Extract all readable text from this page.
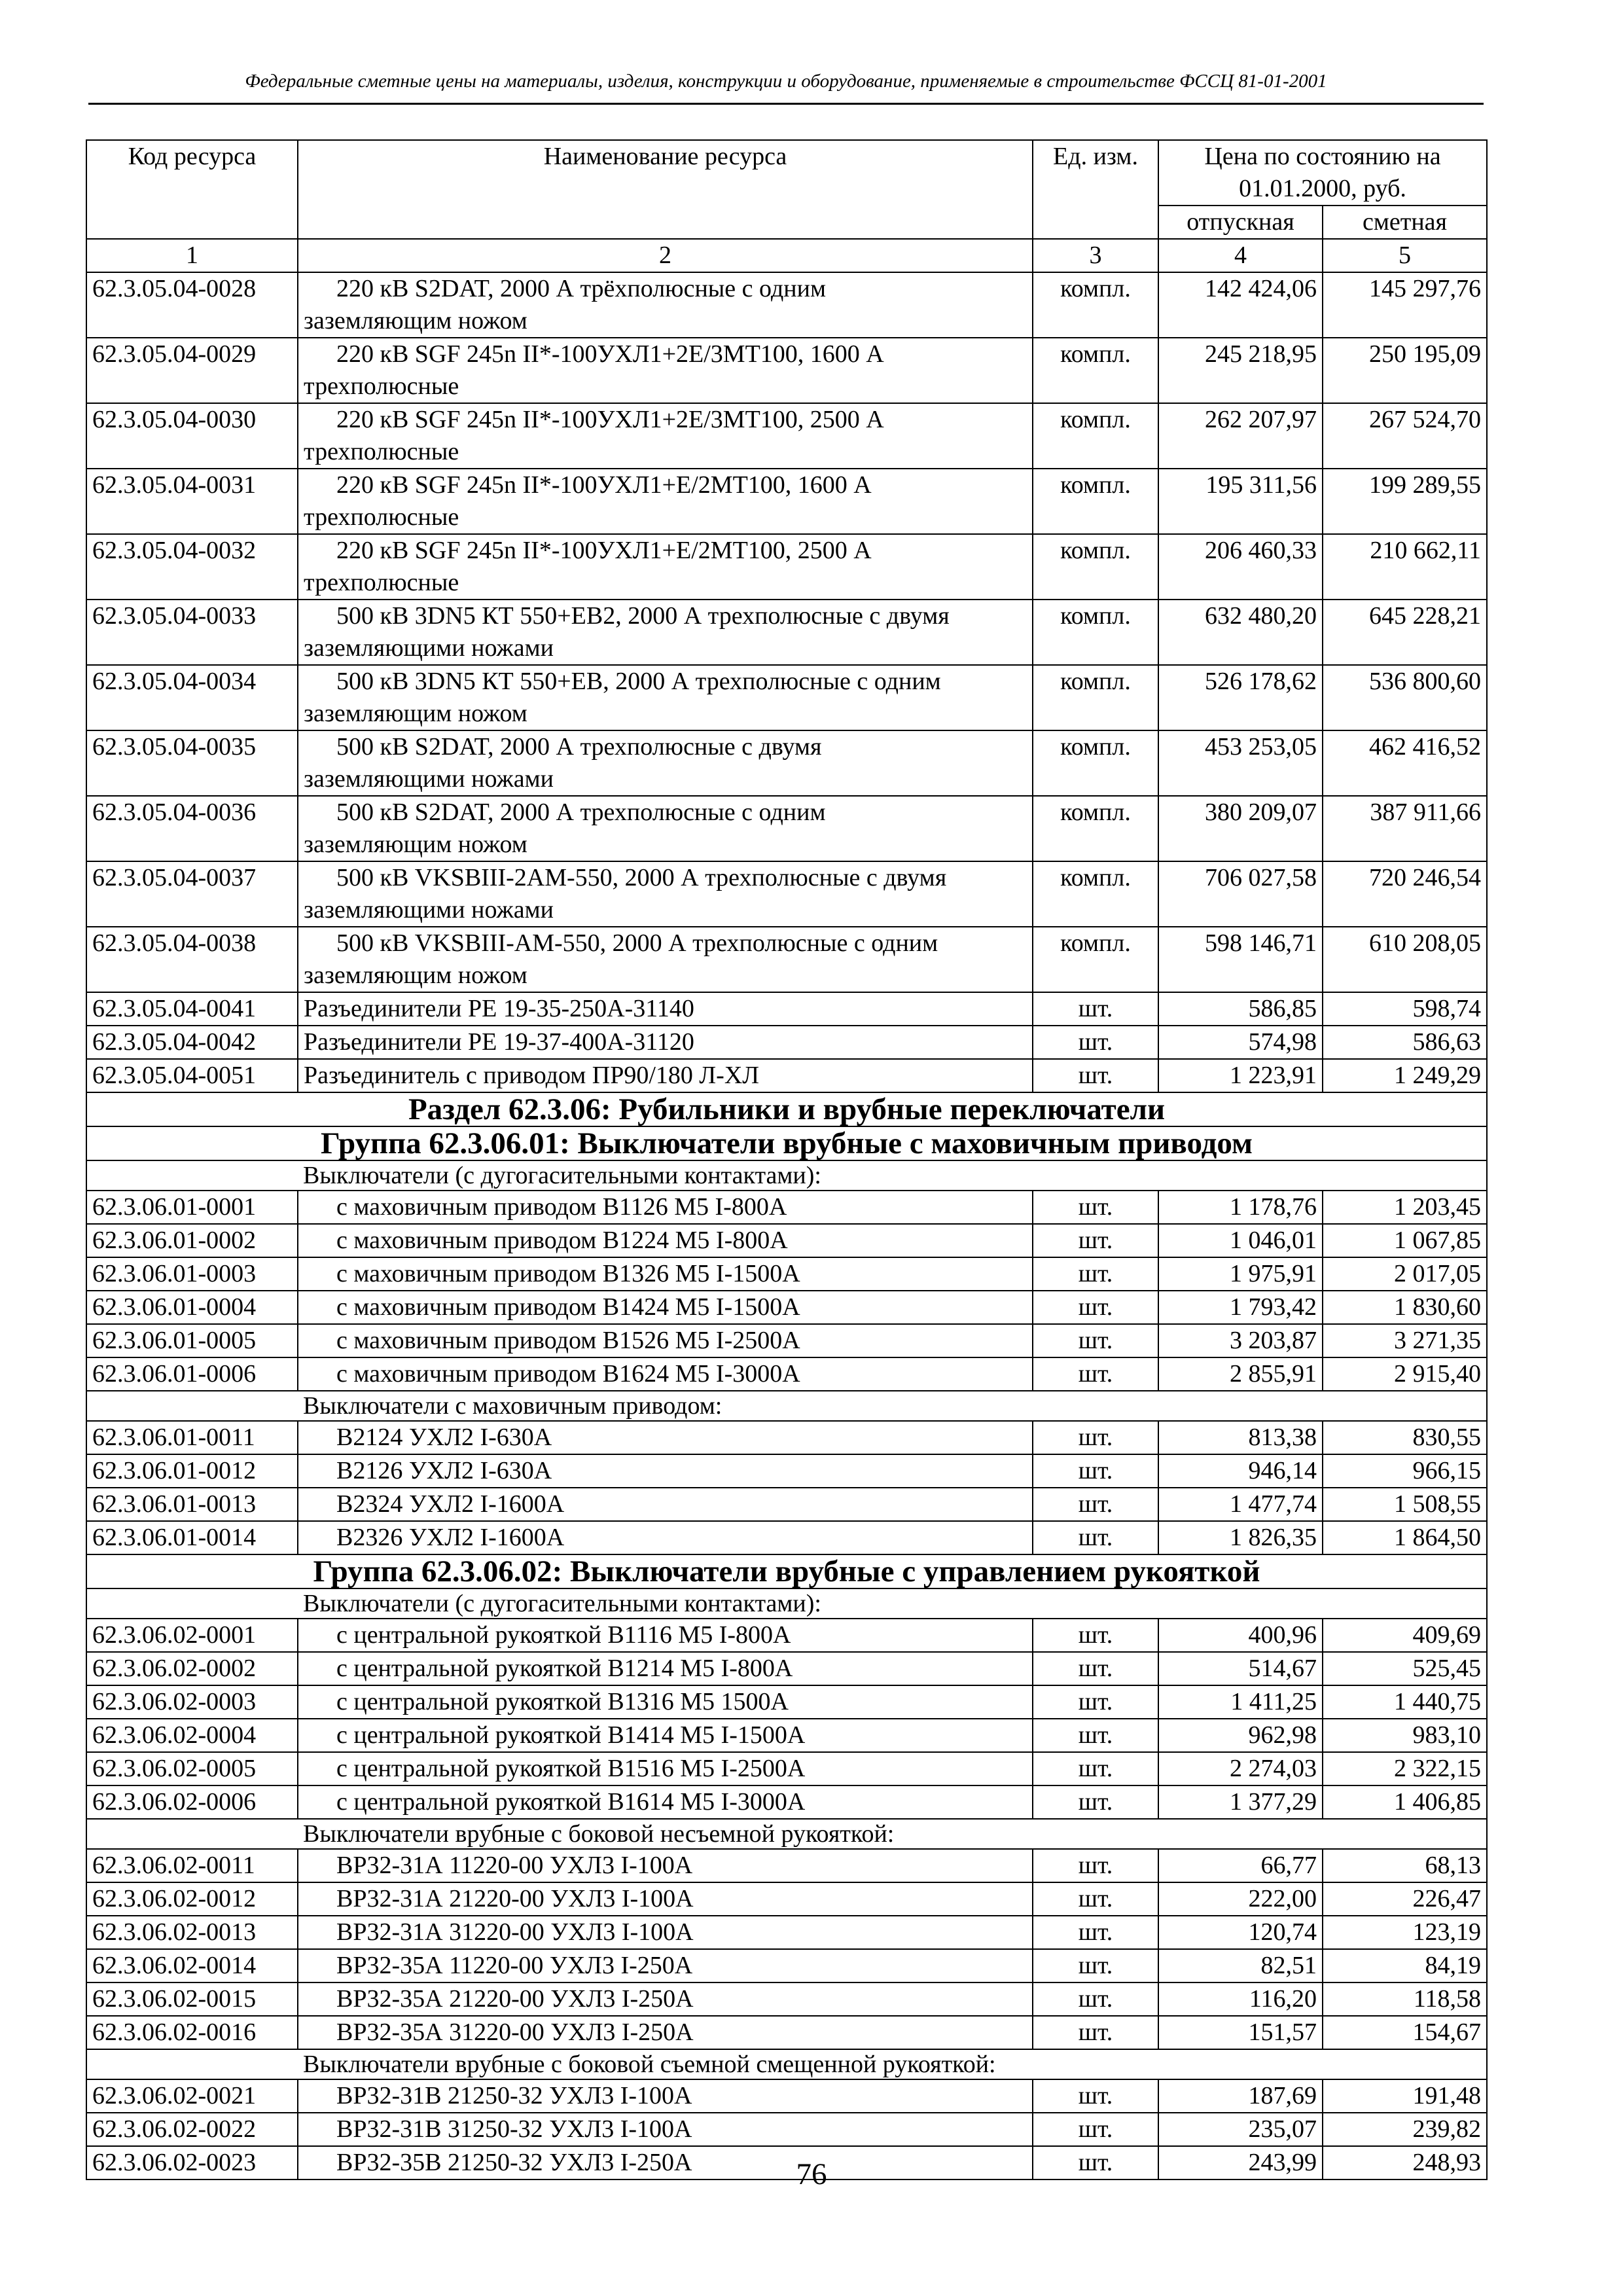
Федеральные сметные цены на материалы, изделия, конструкции и оборудование, применяемые в строительстве ФССЦ 81-01-2001
Код ресурса	Наименование ресурса	Ед. изм.	Цена по состоянию на
01.01.2000, руб.	

			отпускная	сметная
1	2	3	4	5
62.3.05.04-0028	220 кВ S2DAT, 2000 А трёхполюсные с одним
заземляющим ножом	компл.	142 424,06	145 297,76
62.3.05.04-0029	220 кВ SGF 245n II*-100УХЛ1+2Е/3МТ100, 1600 А
трехполюсные	компл.	245 218,95	250 195,09
62.3.05.04-0030	220 кВ SGF 245n II*-100УХЛ1+2Е/3МТ100, 2500 А
трехполюсные	компл.	262 207,97	267 524,70
62.3.05.04-0031	220 кВ SGF 245n II*-100УХЛ1+Е/2МТ100, 1600 А
трехполюсные	компл.	195 311,56	199 289,55
62.3.05.04-0032	220 кВ SGF 245n II*-100УХЛ1+Е/2МТ100, 2500 А
трехполюсные	компл.	206 460,33	210 662,11
62.3.05.04-0033	500 кВ 3DN5 КТ 550+ЕВ2, 2000 А трехполюсные с двумя
заземляющими ножами	компл.	632 480,20	645 228,21
62.3.05.04-0034	500 кВ 3DN5 КТ 550+ЕВ, 2000 А трехполюсные с одним
заземляющим ножом	компл.	526 178,62	536 800,60
62.3.05.04-0035	500 кВ S2DAT, 2000 А трехполюсные с двумя
заземляющими ножами	компл.	453 253,05	462 416,52
62.3.05.04-0036	500 кВ S2DAT, 2000 А трехполюсные с одним
заземляющим ножом	компл.	380 209,07	387 911,66
62.3.05.04-0037	500 кВ VKSBIII-2AM-550, 2000 А трехполюсные с двумя
заземляющими ножами	компл.	706 027,58	720 246,54
62.3.05.04-0038	500 кВ VKSBIII-AM-550, 2000 А трехполюсные с одним
заземляющим ножом	компл.	598 146,71	610 208,05
62.3.05.04-0041	Разъединители РЕ 19-35-250А-31140	шт.	586,85	598,74
62.3.05.04-0042	Разъединители РЕ 19-37-400А-31120	шт.	574,98	586,63
62.3.05.04-0051	Разъединитель с приводом ПР90/180 Л-ХЛ	шт.	1 223,91	1 249,29
Раздел 62.3.06: Рубильники и врубные переключатели				
Группа 62.3.06.01: Выключатели врубные с маховичным приводом				
Выключатели (с дугогасительными контактами):				
62.3.06.01-0001	с маховичным приводом В1126 М5 I-800А	шт.	1 178,76	1 203,45
62.3.06.01-0002	с маховичным приводом В1224 М5 I-800А	шт.	1 046,01	1 067,85
62.3.06.01-0003	с маховичным приводом В1326 М5 I-1500А	шт.	1 975,91	2 017,05
62.3.06.01-0004	с маховичным приводом В1424 М5 I-1500А	шт.	1 793,42	1 830,60
62.3.06.01-0005	с маховичным приводом В1526 М5 I-2500А	шт.	3 203,87	3 271,35
62.3.06.01-0006	с маховичным приводом В1624 М5 I-3000А	шт.	2 855,91	2 915,40
Выключатели с маховичным приводом:				
62.3.06.01-0011	В2124 УХЛ2 I-630А	шт.	813,38	830,55
62.3.06.01-0012	В2126 УХЛ2 I-630А	шт.	946,14	966,15
62.3.06.01-0013	В2324 УХЛ2 I-1600А	шт.	1 477,74	1 508,55
62.3.06.01-0014	В2326 УХЛ2 I-1600А	шт.	1 826,35	1 864,50
Группа 62.3.06.02: Выключатели врубные с управлением рукояткой				
Выключатели (с дугогасительными контактами):				
62.3.06.02-0001	с центральной рукояткой В1116 М5 I-800А	шт.	400,96	409,69
62.3.06.02-0002	с центральной рукояткой В1214 М5 I-800А	шт.	514,67	525,45
62.3.06.02-0003	с центральной рукояткой В1316 М5 1500А	шт.	1 411,25	1 440,75
62.3.06.02-0004	с центральной рукояткой В1414 М5 I-1500А	шт.	962,98	983,10
62.3.06.02-0005	с центральной рукояткой В1516 М5 I-2500А	шт.	2 274,03	2 322,15
62.3.06.02-0006	с центральной рукояткой В1614 М5 I-3000А	шт.	1 377,29	1 406,85
Выключатели врубные с боковой несъемной рукояткой:				
62.3.06.02-0011	ВР32-31А 11220-00 УХЛ3 I-100А	шт.	66,77	68,13
62.3.06.02-0012	ВР32-31А 21220-00 УХЛ3 I-100А	шт.	222,00	226,47
62.3.06.02-0013	ВР32-31А 31220-00 УХЛ3 I-100А	шт.	120,74	123,19
62.3.06.02-0014	ВР32-35А 11220-00 УХЛ3 I-250А	шт.	82,51	84,19
62.3.06.02-0015	ВР32-35А 21220-00 УХЛ3 I-250А	шт.	116,20	118,58
62.3.06.02-0016	ВР32-35А 31220-00 УХЛ3 I-250А	шт.	151,57	154,67
Выключатели врубные с боковой съемной смещенной рукояткой:				
62.3.06.02-0021	ВР32-31В 21250-32 УХЛ3 I-100А	шт.	187,69	191,48
62.3.06.02-0022	ВР32-31В 31250-32 УХЛ3 I-100А	шт.	235,07	239,82
62.3.06.02-0023	ВР32-35В 21250-32 УХЛ3 I-250А	шт.	243,99	248,93
76
